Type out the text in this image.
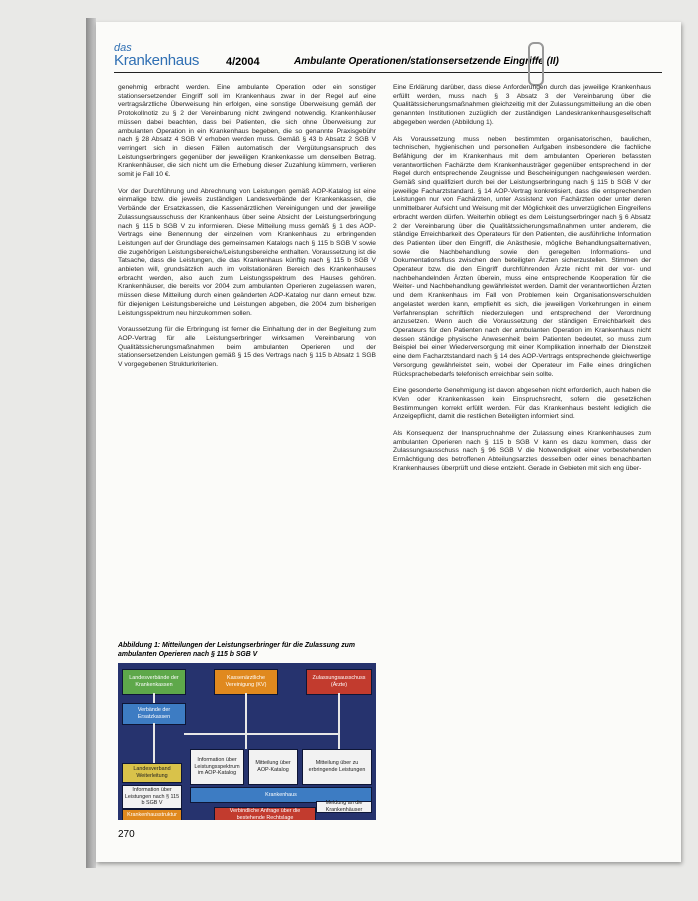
das
Krankenhaus 4/2004	Ambulante Operationen/stationsersetzende Eingriffe (II)

genehmig erbracht werden. Eine ambulante Operation oder ein sonstiger stationsersetzender Eingriff soll im Krankenhaus zwar in der Regel auf eine vertragsärztliche Überweisung hin erfolgen, eine sonstige Überweisung gemäß der Protokollnotiz zu § 2 der Vereinbarung nicht zwingend notwendig. Krankenhäuser müssen dabei beachten, dass bei Patienten, die sich ohne Überweisung zur ambulanten Operation in ein Krankenhaus begeben, die so genannte Praxisgebühr nach § 28 Absatz 4 SGB V erhoben werden muss. Gemäß § 43 b Absatz 2 SGB V verringert sich in diesen Fällen automatisch der Vergütungsanspruch des Leistungserbringers gegenüber der jeweiligen Krankenkasse um denselben Betrag. Krankenhäuser, die sich nicht um die Erhebung dieser Zuzahlung kümmern, verlieren somit je Fall 10 €.

Vor der Durchführung und Abrechnung von Leistungen gemäß AOP-Katalog ist eine einmalige bzw. die jeweils zuständigen Landesverbände der Krankenkassen, die Verbände der Ersatzkassen, die Kassenärztlichen Vereinigungen und der jeweilige Zulassungsausschuss der Krankenhaus über seine Absicht der Leistungserbringung nach § 115 b SGB V zu informieren. Diese Mitteilung muss gemäß § 1 des AOP-Vertrags eine Benennung der einzelnen vom Krankenhaus zu erbringenden Leistungen auf der Grundlage des gemeinsamen Katalogs nach § 115 b SGB V sowie die zugehörigen Leistungsbereiche/Leistungsbereiche enthalten. Voraussetzung ist die Tatsache, dass die Leistungen, die das Krankenhaus künftig nach § 115 b SGB V anbieten will, grundsätzlich auch im vollstationären Bereich des Krankenhauses erbracht werden, also auch zum Leistungsspektrum des Hauses gehören. Krankenhäuser, die bereits vor 2004 zum ambulanten Operieren zugelassen waren, müssen diese Mitteilung durch einen geänderten AOP-Katalog nur dann erneut bzw. für diejenigen Leistungsbereiche und Leistungen abgeben, die 2004 zum bisherigen Leistungsspektrum neu hinzukommen sollen.

Voraussetzung für die Erbringung ist ferner die Einhaltung der in der Begleitung zum AOP-Vertrag für alle Leistungserbringer wirksamen Vereinbarung von Qualitätssicherungsmaßnahmen beim ambulanten Operieren und der stationsersetzenden Leistungen gemäß § 15 des Vertrags nach § 115 b Absatz 1 SGB V vorgegebenen Strukturkriterien.

Abbildung 1: Mitteilungen der Leistungserbringer für die Zulassung zum ambulanten Operieren nach § 115 b SGB V
Landesverbände der Krankenkassen
Kassenärztliche Vereinigung (KV)
Zulassungsausschuss (Ärzte)
Verbände der Ersatzkassen
Landesverband Weiterleitung
Information über Leistungen nach § 115 b SGB V
Information über Leistungsspektrum im AOP-Katalog
Mitteilung über AOP-Katalog
Mitteilung über zu erbringende Leistungen
Krankenhaus
Krankenhausstruktur
Verbindliche Anfrage über die bestehende Rechtslage
Meldung an die Krankenhäuser

Eine Erklärung darüber, dass diese Anforderungen durch das jeweilige Krankenhaus erfüllt werden, muss nach § 3 Absatz 3 der Vereinbarung über die Qualitätssicherungsmaßnahmen gleichzeitig mit der Zulassungsmitteilung an die oben genannten Institutionen zuzüglich der zuständigen Landeskrankenhausgesellschaft abgegeben werden (Abbildung 1).

Als Voraussetzung muss neben bestimmten organisatorischen, baulichen, technischen, hygienischen und personellen Aufgaben insbesondere die fachliche Befähigung der im Krankenhaus mit dem ambulanten Operieren befassten verantwortlichen Fachärzte dem Krankenhausträger gegenüber entsprechend in der Regel durch entsprechende Zeugnisse und Bescheinigungen nachgewiesen werden. Gemäß sind qualifiziert durch bei der Leistungserbringung nach § 115 b SGB V der jeweilige Facharztstandard. § 14 AOP-Vertrag konkretisiert, dass die entsprechenden Leistungen nur von Fachärzten, unter Assistenz von Fachärzten oder unter deren unmittelbarer Aufsicht und Weisung mit der Möglichkeit des unverzüglichen Eingreifens erbracht werden dürfen. Weiterhin obliegt es dem Leistungserbringer nach § 6 Absatz 2 der Vereinbarung über die Qualitätssicherungsmaßnahmen unter anderem, die ständige Erreichbarkeit des Operateurs für den Patienten, die ausführliche Information des Patienten über den Eingriff, die Anästhesie, mögliche Behandlungsalternativen, sowie die Nachbehandlung sowie den geregelten Informations- und Dokumentationsfluss zwischen den beteiligten Ärzten sicherzustellen. Stimmen der Operateur bzw. die den Eingriff durchführenden Ärzte nicht mit der vor- und nachbehandelnden Ärzten überein, muss eine entsprechende Kooperation für die Weiter- und Nachbehandlung gewährleistet werden. Damit der verantwortlichen Ärzten und dem Krankenhaus im Fall von Problemen kein Organisationsverschulden angelastet werden kann, empfiehlt es sich, die jeweiligen Vorkehrungen in einem Verfahrensplan schriftlich niederzulegen und entsprechend der Verordnung anzusetzen. Wenn auch die Voraussetzung der ständigen Erreichbarkeit des Operateurs für den Patienten nach der ambulanten Operation im Krankenhaus nicht dessen ständige physische Anwesenheit beim Patienten bedeutet, so muss zum Beispiel bei einer Wiederversorgung mit einer Komplikation innerhalb der Dienstzeit eine dem Facharztstandard nach § 14 des AOP-Vertrags entsprechende gleichwertige Versorgung gewährleistet sein, wobei der Operateur im Falle eines dringlichen Rücksprachebedarfs telefonisch erreichbar sein sollte.

Eine gesonderte Genehmigung ist davon abgesehen nicht erforderlich, auch haben die KVen oder Krankenkassen kein Einspruchsrecht, sofern die gesetzlichen Bestimmungen korrekt erfüllt werden. Für das Krankenhaus besteht lediglich die Anzeigepflicht, damit die restlichen Beteiligten informiert sind.

Als Konsequenz der Inanspruchnahme der Zulassung eines Krankenhauses zum ambulanten Operieren nach § 115 b SGB V kann es dazu kommen, dass der Zulassungsausschuss nach § 96 SGB V die Notwendigkeit einer vorbestehenden Ermächtigung des betroffenen Abteilungsarztes desselben oder eines benachbarten Krankenhauses überprüft und diese entzieht. Gerade in Gebieten mit sich eng über-

270
